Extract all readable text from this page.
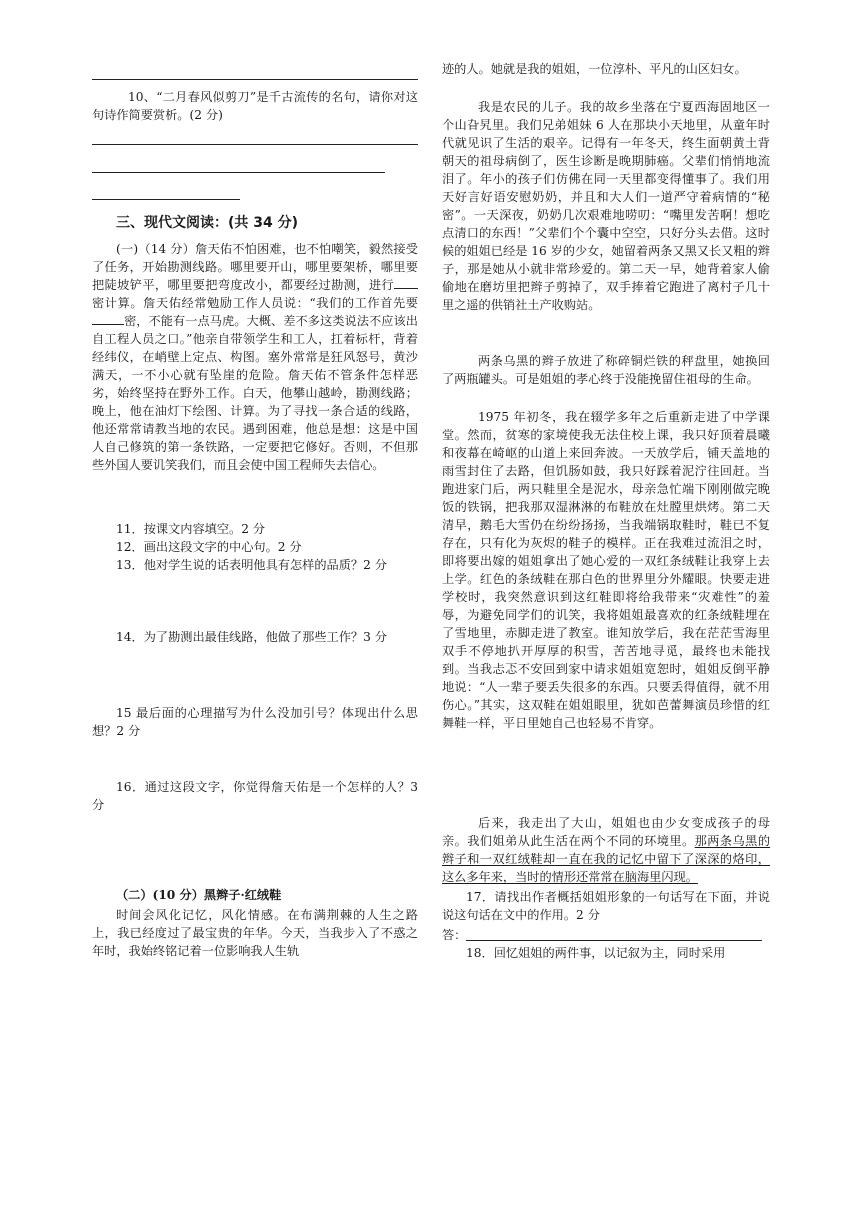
10、“二月春风似剪刀”是千古流传的名句，请你对这句诗作简要赏析。(2 分)

三、现代文阅读：(共 34 分)

(一)（14 分）詹天佑不怕困难，也不怕嘲笑，毅然接受了任务，开始勘测线路。哪里要开山，哪里要架桥，哪里要把陡坡铲平，哪里要把弯度改小，都要经过勘测，进行密计算。詹天佑经常勉励工作人员说：“我们的工作首先要密，不能有一点马虎。大概、差不多这类说法不应该出自工程人员之口。”他亲自带领学生和工人，扛着标杆，背着经纬仪，在峭壁上定点、构图。塞外常常是狂风怒号，黄沙满天，一不小心就有坠崖的危险。詹天佑不管条件怎样恶劣，始终坚持在野外工作。白天，他攀山越岭，勘测线路；晚上，他在油灯下绘图、计算。为了寻找一条合适的线路，他还常常请教当地的农民。遇到困难，他总是想：这是中国人自己修筑的第一条铁路，一定要把它修好。否则，不但那些外国人要讥笑我们，而且会使中国工程师失去信心。

11．按课文内容填空。2 分

12．画出这段文字的中心句。2 分

13．他对学生说的话表明他具有怎样的品质？2 分

14．为了勘测出最佳线路，他做了那些工作？3 分

15 最后面的心理描写为什么没加引号？体现出什么思想？2 分

16．通过这段文字，你觉得詹天佑是一个怎样的人？3 分

（二）(10 分）黑辫子·红绒鞋

时间会风化记忆，风化情感。在布满荆棘的人生之路上，我已经度过了最宝贵的年华。今天，当我步入了不惑之年时，我始终铭记着一位影响我人生轨

迹的人。她就是我的姐姐，一位淳朴、平凡的山区妇女。

我是农民的儿子。我的故乡坐落在宁夏西海固地区一个山旮旯里。我们兄弟姐妹 6 人在那块小天地里，从童年时代就见识了生活的艰辛。记得有一年冬天，终生面朝黄土背朝天的祖母病倒了，医生诊断是晚期肺癌。父辈们悄悄地流泪了。年小的孩子们仿佛在同一天里都变得懂事了。我们用天好言好语安慰奶奶，并且和大人们一道严守着病情的“秘密”。一天深夜，奶奶几次艰难地唠叨：“嘴里发苦啊！想吃点清口的东西！”父辈们个个囊中空空，只好分头去借。这时候的姐姐已经是 16 岁的少女，她留着两条又黑又长又粗的辫子，那是她从小就非常珍爱的。第二天一早，她背着家人偷偷地在磨坊里把辫子剪掉了，双手捧着它跑进了离村子几十里之遥的供销社土产收购站。

两条乌黑的辫子放进了称碎铜烂铁的秤盘里，她换回了两瓶罐头。可是姐姐的孝心终于没能挽留住祖母的生命。

1975 年初冬，我在辍学多年之后重新走进了中学课堂。然而，贫寒的家境使我无法住校上课，我只好顶着晨曦和夜幕在崎岖的山道上来回奔波。一天放学后，铺天盖地的雨雪封住了去路，但饥肠如鼓，我只好踩着泥泞往回赶。当跑进家门后，两只鞋里全是泥水，母亲急忙端下刚刚做完晚饭的铁锅，把我那双湿淋淋的布鞋放在灶膛里烘烤。第二天清早，鹅毛大雪仍在纷纷扬扬，当我端锅取鞋时，鞋已不复存在，只有化为灰烬的鞋子的模样。正在我难过流泪之时，即将要出嫁的姐姐拿出了她心爱的一双红条绒鞋让我穿上去上学。红色的条绒鞋在那白色的世界里分外耀眼。快要走进学校时，我突然意识到这红鞋即将给我带来“灾难性”的羞辱，为避免同学们的讥笑，我将姐姐最喜欢的红条绒鞋埋在了雪地里，赤脚走进了教室。谁知放学后，我在茫茫雪海里双手不停地扒开厚厚的积雪，苦苦地寻觅，最终也未能找到。当我忐忑不安回到家中请求姐姐宽恕时，姐姐反倒平静地说：“人一辈子要丢失很多的东西。只要丢得值得，就不用伤心。”其实，这双鞋在姐姐眼里，犹如芭蕾舞演员珍惜的红舞鞋一样，平日里她自己也轻易不肯穿。

后来，我走出了大山，姐姐也由少女变成孩子的母亲。我们姐弟从此生活在两个不同的环境里。那两条乌黑的辫子和一双红绒鞋却一直在我的记忆中留下了深深的烙印，这么多年来，当时的情形还常常在脑海里闪现。

17．请找出作者概括姐姐形象的一句话写在下面，并说说这句话在文中的作用。2 分

答：

18．回忆姐姐的两件事，以记叙为主，同时采用
